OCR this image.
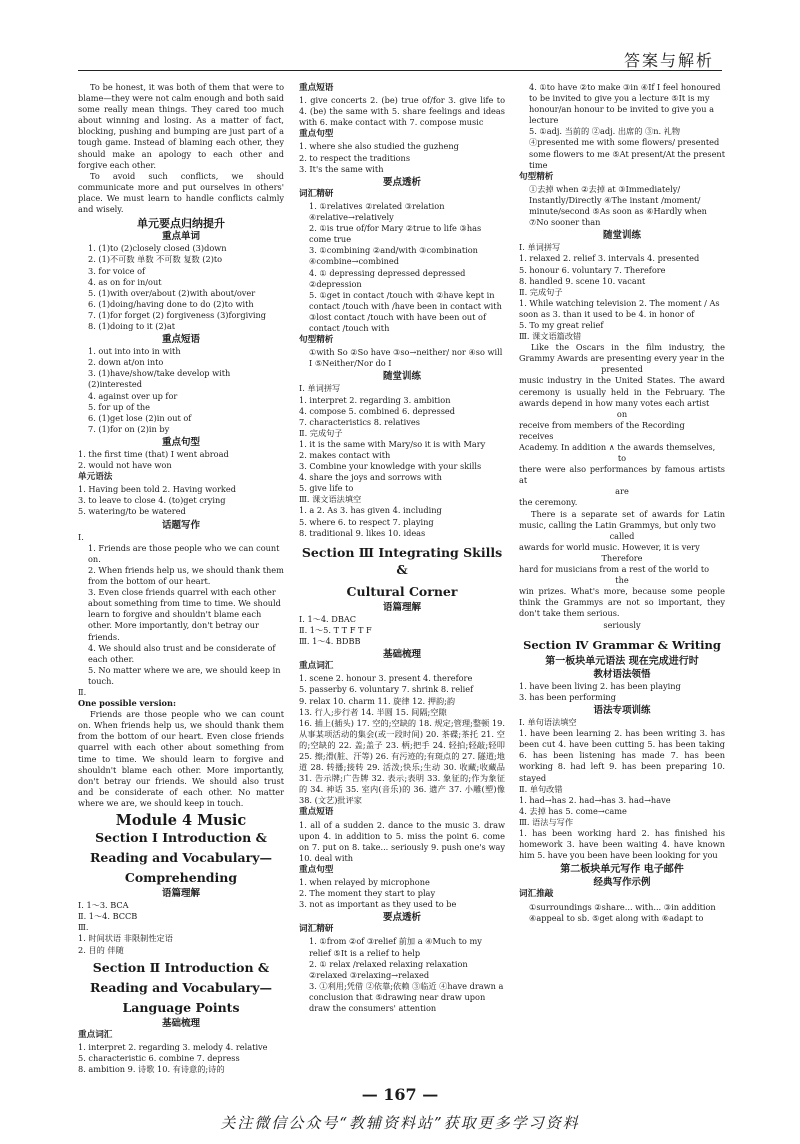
答案与解析

To be honest, it was both of them that were to blame—they were not calm enough and both said some really mean things. They cared too much about winning and losing. As a matter of fact, blocking, pushing and bumping are just part of a tough game. Instead of blaming each other, they should make an apology to each other and forgive each other.

To avoid such conflicts, we should communicate more and put ourselves in others' place. We must learn to handle conflicts calmly and wisely.

单元要点归纳提升
重点单词

1. (1)to (2)closely closed (3)down

2. (1)不可数 单数 不可数 复数 (2)to

3. for voice of

4. as on for in/out

5. (1)with over/about (2)with about/over

6. (1)doing/having done to do (2)to with

7. (1)for forget (2) forgiveness (3)forgiving

8. (1)doing to it (2)at

重点短语

1. out into into in with

2. down at/on into

3. (1)have/show/take develop with (2)interested

4. against over up for

5. for up of the

6. (1)get lose (2)in out of

7. (1)for on (2)in by

重点句型

1. the first time (that) I went abroad

2. would not have won

单元语法

1. Having been told 2. Having worked

3. to leave to close 4. (to)get crying

5. watering/to be watered

话题写作

Ⅰ.

1. Friends are those people who we can count on.

2. When friends help us, we should thank them from the bottom of our heart.

3. Even close friends quarrel with each other about something from time to time. We should learn to forgive and shouldn't blame each other. More importantly, don't betray our friends.

4. We should also trust and be considerate of each other.

5. No matter where we are, we should keep in touch.

Ⅱ.

One possible version:

Friends are those people who we can count on. When friends help us, we should thank them from the bottom of our heart. Even close friends quarrel with each other about something from time to time. We should learn to forgive and shouldn't blame each other. More importantly, don't betray our friends. We should also trust and be considerate of each other. No matter where we are, we should keep in touch.

Module 4 Music
Section Ⅰ Introduction &
Reading and Vocabulary—
Comprehending
语篇理解

Ⅰ. 1～3. BCA

Ⅱ. 1～4. BCCB

Ⅲ.

1. 时间状语 非限制性定语

2. 目的 伴随

Section Ⅱ Introduction &
Reading and Vocabulary—
Language Points
基础梳理
重点词汇

1. interpret 2. regarding 3. melody 4. relative

5. characteristic 6. combine 7. depress

8. ambition 9. 诗歌 10. 有诗意的;诗的

重点短语

1. give concerts 2. (be) true of/for 3. give life to 4. (be) the same with 5. share feelings and ideas with 6. make contact with 7. compose music

重点句型

1. where she also studied the guzheng

2. to respect the traditions

3. It's the same with

要点透析
词汇精研

1. ①relatives ②related ③relation ④relative→relatively

2. ①is true of/for Mary ②true to life ③has come true

3. ①combining ②and/with ③combination ④combine→combined

4. ① depressing depressed depressed ②depression

5. ①get in contact /touch with ②have kept in contact /touch with /have been in contact with ③lost contact /touch with have been out of contact /touch with

句型精析

①with So ②So have ③so→neither/ nor ④so will I ⑤Neither/Nor do I

随堂训练

Ⅰ. 单词拼写

1. interpret 2. regarding 3. ambition

4. compose 5. combined 6. depressed

7. characteristics 8. relatives

Ⅱ. 完成句子

1. it is the same with Mary/so it is with Mary

2. makes contact with

3. Combine your knowledge with your skills

4. share the joys and sorrows with

5. give life to

Ⅲ. 课文语法填空

1. a 2. As 3. has given 4. including

5. where 6. to respect 7. playing

8. traditional 9. likes 10. ideas

Section Ⅲ Integrating Skills &
Cultural Corner
语篇理解

Ⅰ. 1～4. DBAC

Ⅱ. 1～5. T T F T F

Ⅲ. 1～4. BDBB

基础梳理
重点词汇

1. scene 2. honour 3. present 4. therefore

5. passerby 6. voluntary 7. shrink 8. relief

9. relax 10. charm 11. 旋律 12. 押韵;韵

13. 行人;步行者 14. 半圆 15. 间隔;空隙

16. 插上(插头) 17. 空的;空缺的 18. 规定;管理;整顿 19. 从事某项活动的集会(或一段时间) 20. 茶碟;茶托 21. 空的;空缺的 22. 盖;盖子 23. 柄;把手 24. 轻拍;轻敲;轻叩 25. 擦;滑(脏、汗等) 26. 有污迹的;有斑点的 27. 隧道;地道 28. 转播;接转 29. 活泼;快乐;生动 30. 收藏;收藏品 31. 告示牌;广告牌 32. 表示;表明 33. 象征的;作为象征的 34. 神话 35. 室内(音乐)的 36. 遗产 37. 小雕(塑)像 38. (文艺)批评家

重点短语

1. all of a sudden 2. dance to the music 3. draw upon 4. in addition to 5. miss the point 6. come on 7. put on 8. take... seriously 9. push one's way 10. deal with

重点句型

1. when relayed by microphone

2. The moment they start to play

3. not as important as they used to be

要点透析
词汇精研

1. ①from ②of ③relief 前加 a ④Much to my relief ⑤It is a relief to help

2. ① relax /relaxed relaxing relaxation ②relaxed ③relaxing→relaxed

3. ①利用;凭借 ②依靠;依赖 ③临近 ④have drawn a conclusion that ⑤drawing near draw upon draw the consumers' attention

4. ①to have ②to make ③in ④If I feel honoured to be invited to give you a lecture ⑤It is my honour/an honour to be invited to give you a lecture

5. ①adj. 当前的 ②adj. 出席的 ③n. 礼物 ④presented me with some flowers/ presented some flowers to me ⑤At present/At the present time

句型精析

①去掉 when ②去掉 at ③Immediately/ Instantly/Directly ④The instant /moment/ minute/second ⑤As soon as ⑥Hardly when ⑦No sooner than

随堂训练

Ⅰ. 单词拼写

1. relaxed 2. relief 3. intervals 4. presented

5. honour 6. voluntary 7. Therefore

8. handled 9. scene 10. vacant

Ⅱ. 完成句子

1. While watching television 2. The moment / As soon as 3. than it used to be 4. in honor of

5. To my great relief

Ⅲ. 课文语篇改错

Like the Oscars in the film industry, the Grammy Awards are presenting every year in the

presented

music industry in the United States. The award ceremony is usually held in the February. The awards depend in how many votes each artist

on

receive from members of the Recording

receives

Academy. In addition ∧ the awards themselves,

to

there were also performances by famous artists at

are

the ceremony.

There is a separate set of awards for Latin music, calling the Latin Grammys, but only two

called

awards for world music. However, it is very

Therefore

hard for musicians from a rest of the world to

the

win prizes. What's more, because some people think the Grammys are not so important, they don't take them serious.

seriously

Section Ⅳ Grammar & Writing
第一板块单元语法 现在完成进行时
教材语法领悟

1. have been living 2. has been playing

3. has been performing

语法专项训练

Ⅰ. 单句语法填空

1. have been learning 2. has been writing 3. has been cut 4. have been cutting 5. has been taking 6. has been listening has made 7. has been working 8. had left 9. has been preparing 10. stayed

Ⅱ. 单句改错

1. had→has 2. had→has 3. had→have

4. 去掉 has 5. come→came

Ⅲ. 语法与写作

1. has been working hard 2. has finished his homework 3. have been waiting 4. have known him 5. have you been have been looking for you

第二板块单元写作 电子邮件
经典写作示例
词汇推敲

①surroundings ②share... with... ③in addition ④appeal to sb. ⑤get along with ⑥adapt to

— 167 —
关注微信公众号“教辅资料站”获取更多学习资料
